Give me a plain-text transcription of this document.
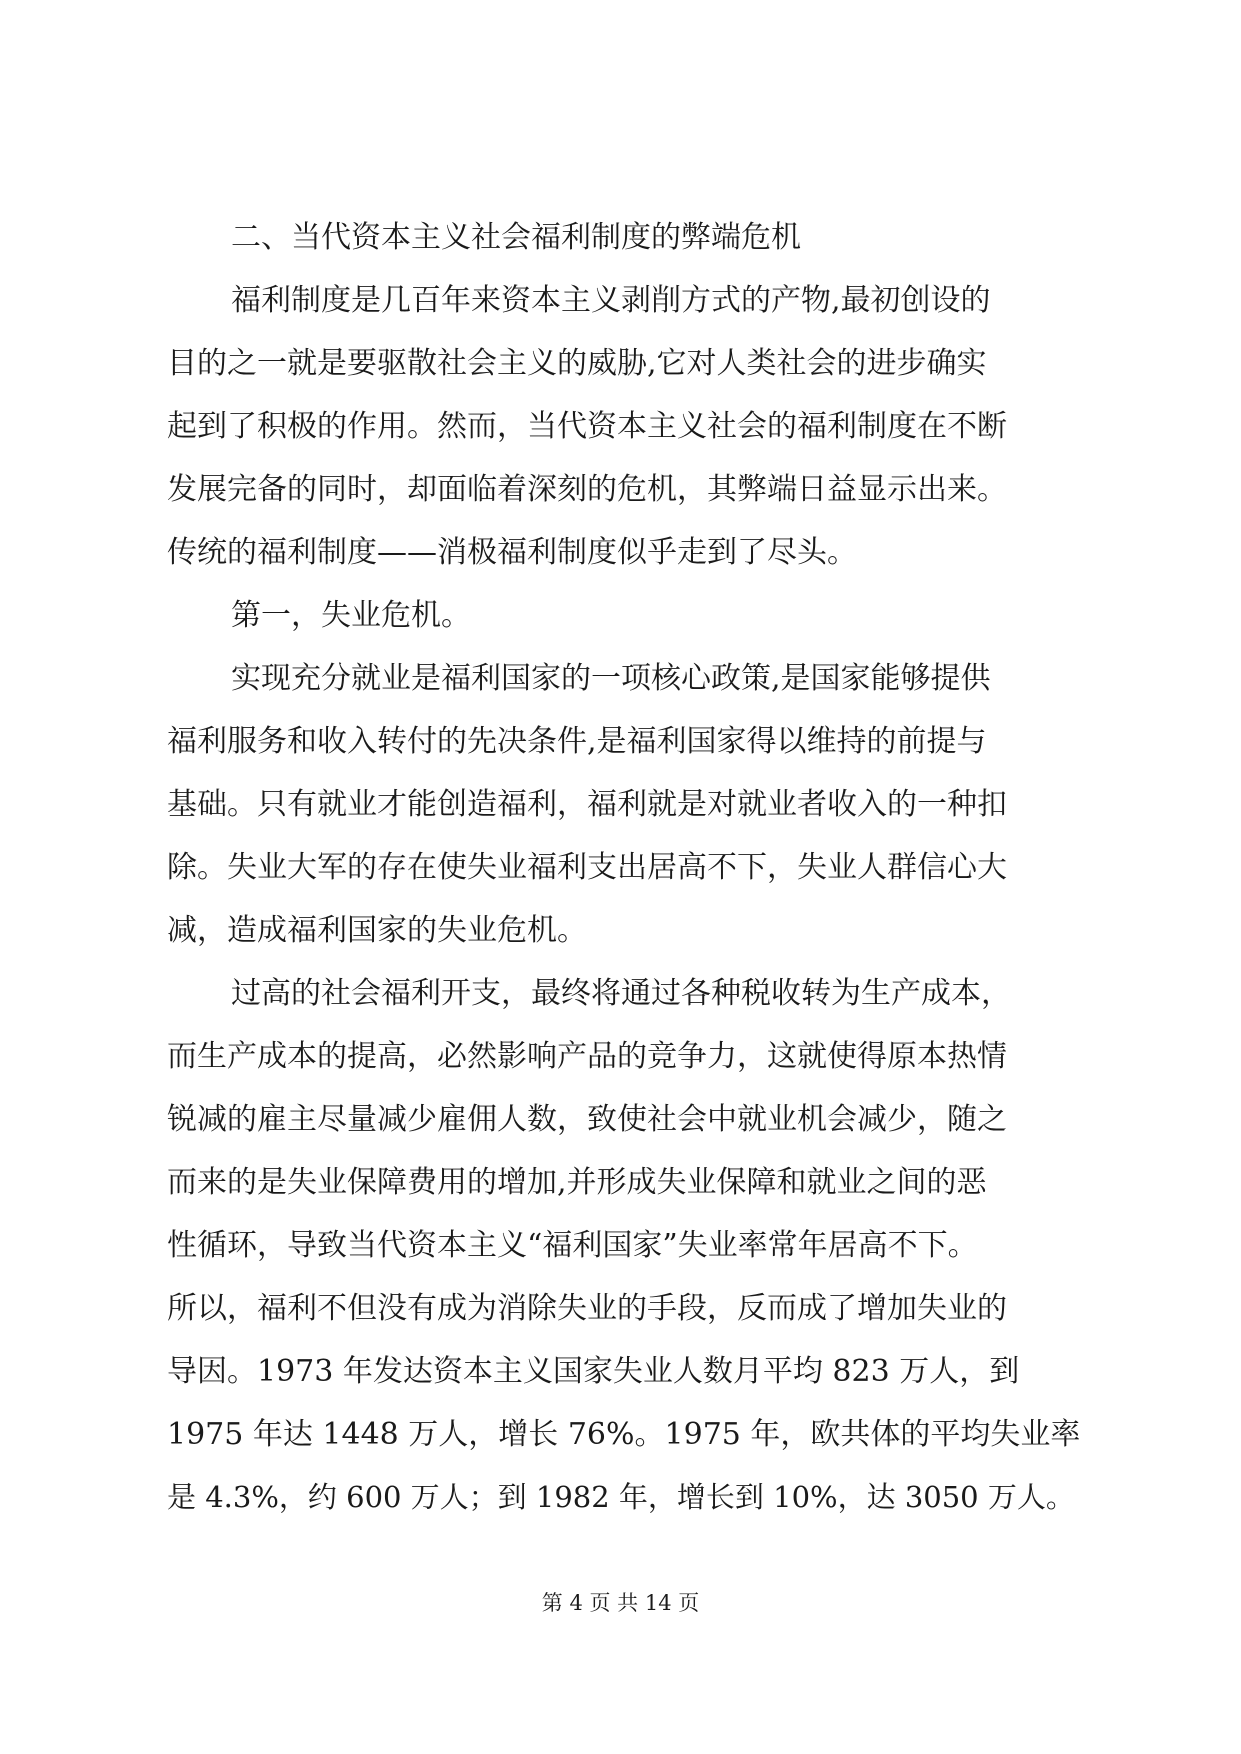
二、当代资本主义社会福利制度的弊端危机
福利制度是几百年来资本主义剥削方式的产物,最初创设的
目的之一就是要驱散社会主义的威胁,它对人类社会的进步确实
起到了积极的作用。然而，当代资本主义社会的福利制度在不断
发展完备的同时，却面临着深刻的危机，其弊端日益显示出来。
传统的福利制度——消极福利制度似乎走到了尽头。
第一，失业危机。
实现充分就业是福利国家的一项核心政策,是国家能够提供
福利服务和收入转付的先决条件,是福利国家得以维持的前提与
基础。只有就业才能创造福利，福利就是对就业者收入的一种扣
除。失业大军的存在使失业福利支出居高不下，失业人群信心大
减，造成福利国家的失业危机。
过高的社会福利开支，最终将通过各种税收转为生产成本，
而生产成本的提高，必然影响产品的竞争力，这就使得原本热情
锐减的雇主尽量减少雇佣人数，致使社会中就业机会减少，随之
而来的是失业保障费用的增加,并形成失业保障和就业之间的恶
性循环，导致当代资本主义“福利国家”失业率常年居高不下。
所以，福利不但没有成为消除失业的手段，反而成了增加失业的
导因。1973 年发达资本主义国家失业人数月平均 823 万人，到
1975 年达 1448 万人，增长 76%。1975 年，欧共体的平均失业率
是 4.3%，约 600 万人；到 1982 年，增长到 10%，达 3050 万人。
第 4 页 共 14 页
